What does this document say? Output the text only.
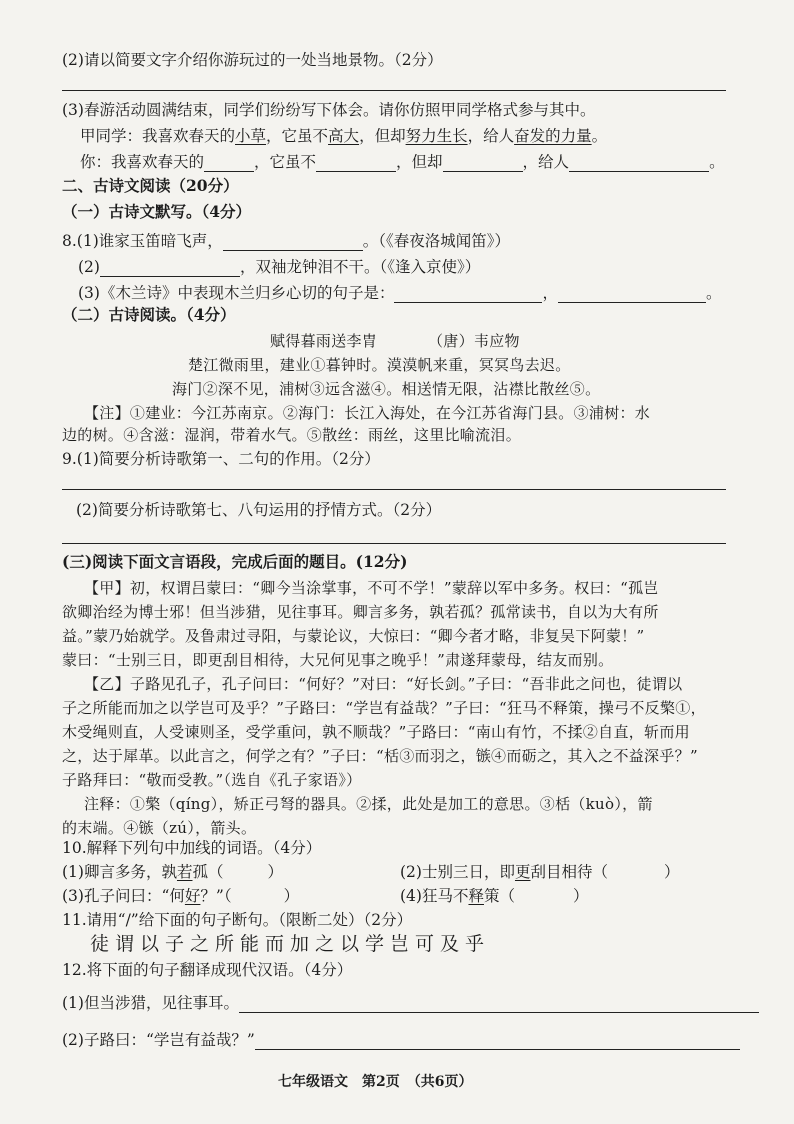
(2)请以简要文字介绍你游玩过的一处当地景物。（2分）
(3)春游活动圆满结束，同学们纷纷写下体会。请你仿照甲同学格式参与其中。
甲同学：我喜欢春天的小草，它虽不高大，但却努力生长，给人奋发的力量。
你：我喜欢春天的	，它虽不	，但却	，给人	。
二、古诗文阅读（20分）
（一）古诗文默写。（4分）
8.(1)谁家玉笛暗飞声，	。（《春夜洛城闻笛》）
(2)	，双袖龙钟泪不干。（《逢入京使》）
(3)《木兰诗》中表现木兰归乡心切的句子是：	，	。
（二）古诗阅读。（4分）
赋得暮雨送李胄	（唐）韦应物
楚江微雨里，建业①暮钟时。漠漠帆来重，冥冥鸟去迟。
海门②深不见，浦树③远含滋④。相送情无限，沾襟比散丝⑤。
【注】①建业：今江苏南京。②海门：长江入海处，在今江苏省海门县。③浦树：水
边的树。④含滋：湿润，带着水气。⑤散丝：雨丝，这里比喻流泪。
9.(1)简要分析诗歌第一、二句的作用。（2分）
(2)简要分析诗歌第七、八句运用的抒情方式。（2分）
(三)阅读下面文言语段，完成后面的题目。(12分)
【甲】初，权谓吕蒙曰：“卿今当涂掌事，不可不学！”蒙辞以军中多务。权曰：“孤岂
欲卿治经为博士邪！但当涉猎，见往事耳。卿言多务，孰若孤？孤常读书，自以为大有所
益。”蒙乃始就学。及鲁肃过寻阳，与蒙论议，大惊曰：“卿今者才略，非复吴下阿蒙！”
蒙曰：“士别三日，即更刮目相待，大兄何见事之晚乎！”肃遂拜蒙母，结友而别。
【乙】子路见孔子，孔子问曰：“何好？”对曰：“好长剑。”子曰：“吾非此之问也，徒谓以
子之所能而加之以学岂可及乎？”子路曰：“学岂有益哉？”子曰：“狂马不释策，操弓不反檠①，
木受绳则直，人受谏则圣，受学重问，孰不顺哉？”子路曰：“南山有竹，不揉②自直，斩而用
之，达于犀革。以此言之，何学之有？”子曰：“栝③而羽之，镞④而砺之，其入之不益深乎？”
子路拜曰：“敬而受教。”（选自《孔子家语》）
注释：①檠（qíng），矫正弓弩的器具。②揉，此处是加工的意思。③栝（kuò），箭
的末端。④镞（zú），箭头。
10.解释下列句中加线的词语。（4分）
(1)卿言多务，孰若孤（	）	(2)士别三日，即更刮目相待（	）
(3)孔子问曰：“何好？”（	）	(4)狂马不释策（	）
11.请用“/”给下面的句子断句。（限断二处）（2分）
徒谓以子之所能而加之以学岂可及乎
12.将下面的句子翻译成现代汉语。（4分）
(1)但当涉猎，见往事耳。
(2)子路曰：“学岂有益哉？”
七年级语文　第2页　（共6页）
